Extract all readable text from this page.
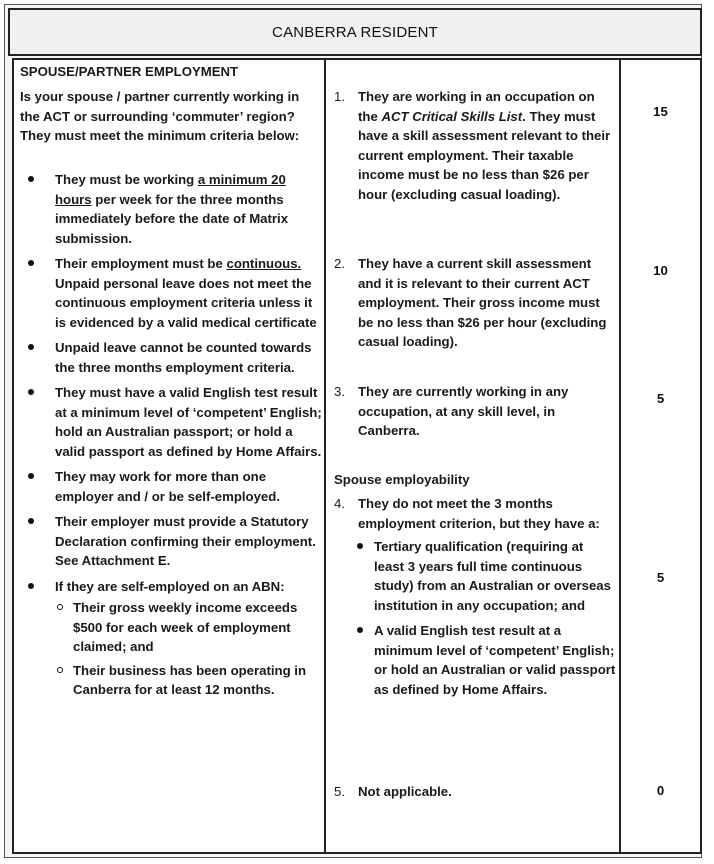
CANBERRA RESIDENT
SPOUSE/PARTNER EMPLOYMENT
Is your spouse / partner currently working in the ACT or surrounding ‘commuter’ region? They must meet the minimum criteria below:
They must be working a minimum 20 hours per week for the three months immediately before the date of Matrix submission.
Their employment must be continuous. Unpaid personal leave does not meet the continuous employment criteria unless it is evidenced by a valid medical certificate
Unpaid leave cannot be counted towards the three months employment criteria.
They must have a valid English test result at a minimum level of ‘competent’ English; hold an Australian passport; or hold a valid passport as defined by Home Affairs.
They may work for more than one employer and / or be self-employed.
Their employer must provide a Statutory Declaration confirming their employment. See Attachment E.
If they are self-employed on an ABN:
Their gross weekly income exceeds $500 for each week of employment claimed; and
Their business has been operating in Canberra for at least 12 months.
1. They are working in an occupation on the ACT Critical Skills List. They must have a skill assessment relevant to their current employment. Their taxable income must be no less than $26 per hour (excluding casual loading).
2. They have a current skill assessment and it is relevant to their current ACT employment. Their gross income must be no less than $26 per hour (excluding casual loading).
3. They are currently working in any occupation, at any skill level, in Canberra.
Spouse employability
4. They do not meet the 3 months employment criterion, but they have a:
Tertiary qualification (requiring at least 3 years full time continuous study) from an Australian or overseas institution in any occupation; and
A valid English test result at a minimum level of ‘competent’ English; or hold an Australian or valid passport as defined by Home Affairs.
5. Not applicable.
15
10
5
5
0
